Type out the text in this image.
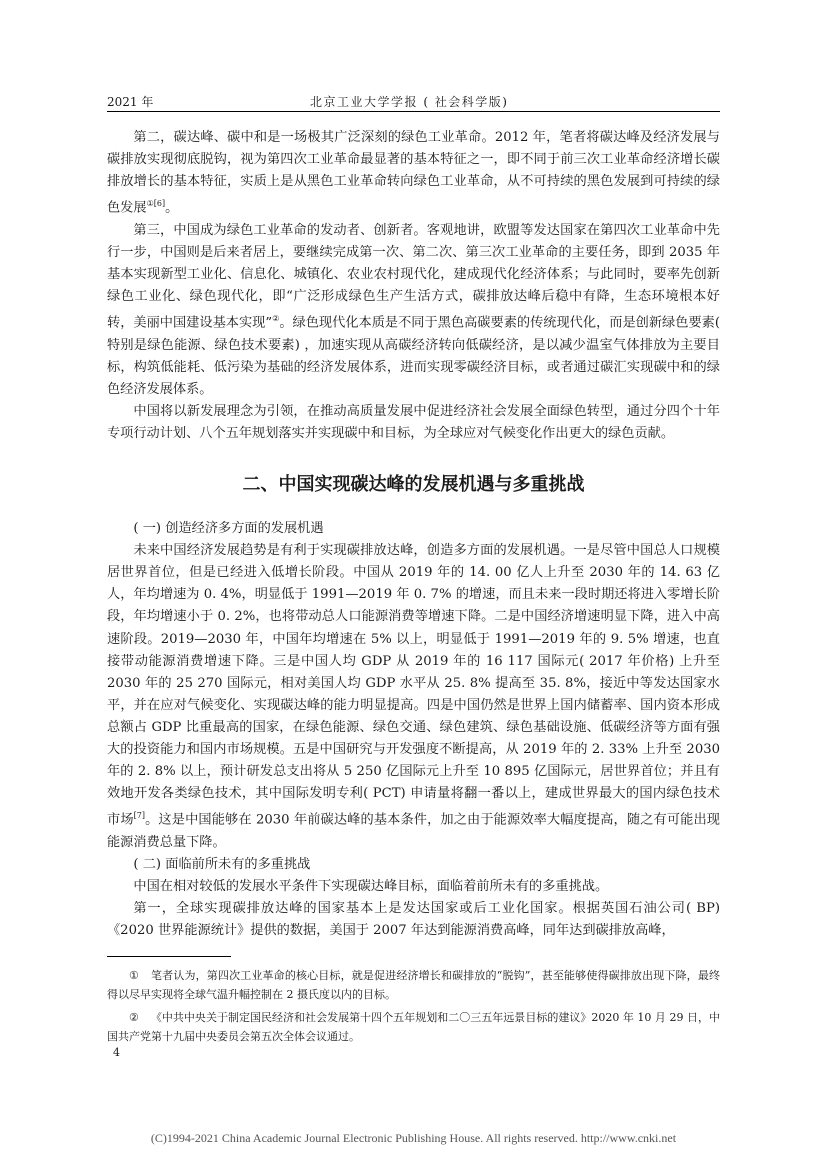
2021 年	北京工业大学学报 ( 社会科学版)

第二，碳达峰、碳中和是一场极其广泛深刻的绿色工业革命。2012 年，笔者将碳达峰及经济发展与碳排放实现彻底脱钩，视为第四次工业革命最显著的基本特征之一，即不同于前三次工业革命经济增长碳排放增长的基本特征，实质上是从黑色工业革命转向绿色工业革命，从不可持续的黑色发展到可持续的绿色发展$^{①[6]}$。

第三，中国成为绿色工业革命的发动者、创新者。客观地讲，欧盟等发达国家在第四次工业革命中先行一步，中国则是后来者居上，要继续完成第一次、第二次、第三次工业革命的主要任务，即到 2035 年基本实现新型工业化、信息化、城镇化、农业农村现代化，建成现代化经济体系；与此同时，要率先创新绿色工业化、绿色现代化，即“广泛形成绿色生产生活方式，碳排放达峰后稳中有降，生态环境根本好转，美丽中国建设基本实现”②。绿色现代化本质是不同于黑色高碳要素的传统现代化，而是创新绿色要素( 特别是绿色能源、绿色技术要素) ，加速实现从高碳经济转向低碳经济，是以减少温室气体排放为主要目标，构筑低能耗、低污染为基础的经济发展体系，进而实现零碳经济目标，或者通过碳汇实现碳中和的绿色经济发展体系。

中国将以新发展理念为引领，在推动高质量发展中促进经济社会发展全面绿色转型，通过分四个十年专项行动计划、八个五年规划落实并实现碳中和目标，为全球应对气候变化作出更大的绿色贡献。

二、中国实现碳达峰的发展机遇与多重挑战

( 一) 创造经济多方面的发展机遇

未来中国经济发展趋势是有利于实现碳排放达峰，创造多方面的发展机遇。一是尽管中国总人口规模居世界首位，但是已经进入低增长阶段。中国从 2019 年的 14. 00 亿人上升至 2030 年的 14. 63 亿人，年均增速为 0. 4%，明显低于 1991—2019 年 0. 7% 的增速，而且未来一段时期还将进入零增长阶段，年均增速小于 0. 2%，也将带动总人口能源消费等增速下降。二是中国经济增速明显下降，进入中高速阶段。2019—2030 年，中国年均增速在 5% 以上，明显低于 1991—2019 年的 9. 5% 增速，也直接带动能源消费增速下降。三是中国人均 GDP 从 2019 年的 16 117 国际元( 2017 年价格) 上升至 2030 年的 25 270 国际元，相对美国人均 GDP 水平从 25. 8% 提高至 35. 8%，接近中等发达国家水平，并在应对气候变化、实现碳达峰的能力明显提高。四是中国仍然是世界上国内储蓄率、国内资本形成总额占 GDP 比重最高的国家，在绿色能源、绿色交通、绿色建筑、绿色基础设施、低碳经济等方面有强大的投资能力和国内市场规模。五是中国研究与开发强度不断提高，从 2019 年的 2. 33% 上升至 2030 年的 2. 8% 以上，预计研发总支出将从 5 250 亿国际元上升至 10 895 亿国际元，居世界首位；并且有效地开发各类绿色技术，其中国际发明专利( PCT) 申请量将翻一番以上，建成世界最大的国内绿色技术市场[7]。这是中国能够在 2030 年前碳达峰的基本条件，加之由于能源效率大幅度提高，随之有可能出现能源消费总量下降。

( 二) 面临前所未有的多重挑战

中国在相对较低的发展水平条件下实现碳达峰目标，面临着前所未有的多重挑战。

第一，全球实现碳排放达峰的国家基本上是发达国家或后工业化国家。根据英国石油公司( BP) 《2020 世界能源统计》提供的数据，美国于 2007 年达到能源消费高峰，同年达到碳排放高峰，

① 笔者认为，第四次工业革命的核心目标，就是促进经济增长和碳排放的“脱钩”，甚至能够使得碳排放出现下降，最终得以尽早实现将全球气温升幅控制在 2 摄氏度以内的目标。

② 《中共中央关于制定国民经济和社会发展第十四个五年规划和二〇三五年远景目标的建议》2020 年 10 月 29 日，中国共产党第十九届中央委员会第五次全体会议通过。

4
(C)1994-2021 China Academic Journal Electronic Publishing House. All rights reserved. http://www.cnki.net
